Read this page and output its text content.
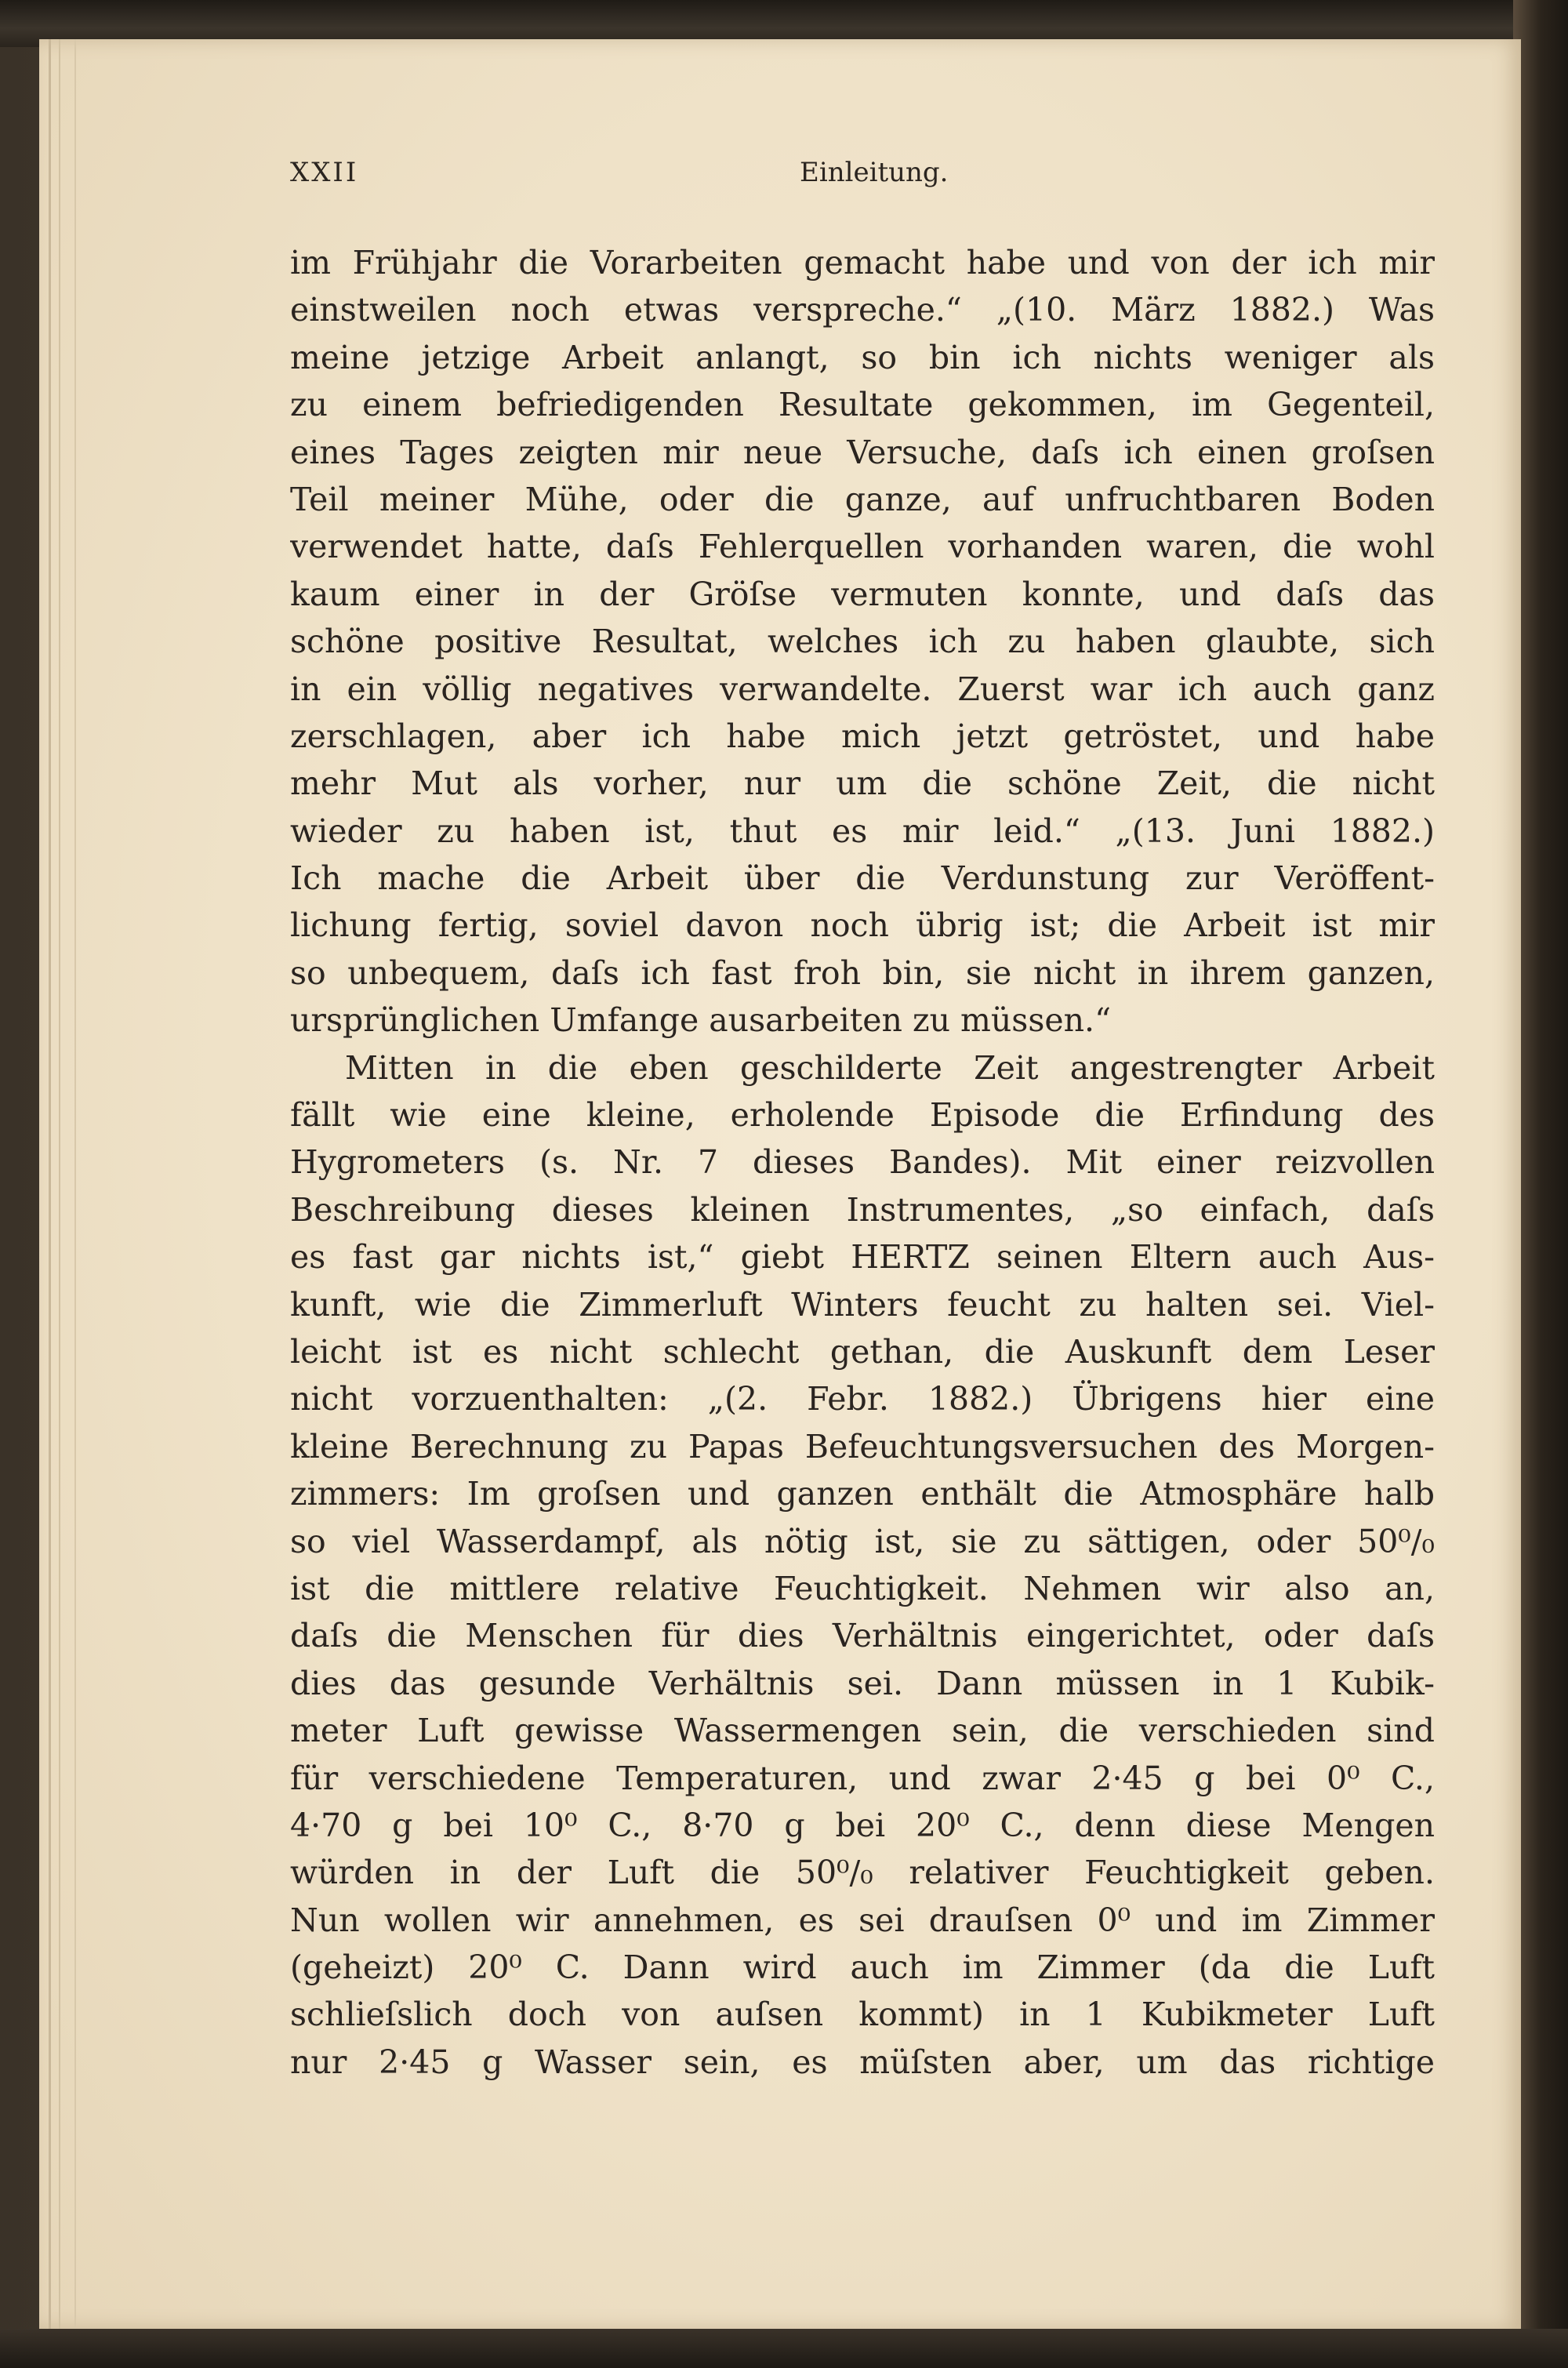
XXII	Einleitung.
im Frühjahr die Vorarbeiten gemacht habe und von der ich mir
einstweilen noch etwas verspreche.“ „(10. März 1882.) Was
meine jetzige Arbeit anlangt, so bin ich nichts weniger als
zu einem befriedigenden Resultate gekommen, im Gegenteil,
eines Tages zeigten mir neue Versuche, daſs ich einen groſsen
Teil meiner Mühe, oder die ganze, auf unfruchtbaren Boden
verwendet hatte, daſs Fehlerquellen vorhanden waren, die wohl
kaum einer in der Gröſse vermuten konnte, und daſs das
schöne positive Resultat, welches ich zu haben glaubte, sich
in ein völlig negatives verwandelte. Zuerst war ich auch ganz
zerschlagen, aber ich habe mich jetzt getröstet, und habe
mehr Mut als vorher, nur um die schöne Zeit, die nicht
wieder zu haben ist, thut es mir leid.“ „(13. Juni 1882.)
Ich mache die Arbeit über die Verdunstung zur Veröffent-
lichung fertig, soviel davon noch übrig ist; die Arbeit ist mir
so unbequem, daſs ich fast froh bin, sie nicht in ihrem ganzen,
ursprünglichen Umfange ausarbeiten zu müssen.“
Mitten in die eben geschilderte Zeit angestrengter Arbeit
fällt wie eine kleine, erholende Episode die Erfindung des
Hygrometers (s. Nr. 7 dieses Bandes). Mit einer reizvollen
Beschreibung dieses kleinen Instrumentes, „so einfach, daſs
es fast gar nichts ist,“ giebt HERTZ seinen Eltern auch Aus-
kunft, wie die Zimmerluft Winters feucht zu halten sei. Viel-
leicht ist es nicht schlecht gethan, die Auskunft dem Leser
nicht vorzuenthalten: „(2. Febr. 1882.) Übrigens hier eine
kleine Berechnung zu Papas Befeuchtungsversuchen des Morgen-
zimmers: Im groſsen und ganzen enthält die Atmosphäre halb
so viel Wasserdampf, als nötig ist, sie zu sättigen, oder 50⁰/₀
ist die mittlere relative Feuchtigkeit. Nehmen wir also an,
daſs die Menschen für dies Verhältnis eingerichtet, oder daſs
dies das gesunde Verhältnis sei. Dann müssen in 1 Kubik-
meter Luft gewisse Wassermengen sein, die verschieden sind
für verschiedene Temperaturen, und zwar 2·45 g bei 0⁰ C.,
4·70 g bei 10⁰ C., 8·70 g bei 20⁰ C., denn diese Mengen
würden in der Luft die 50⁰/₀ relativer Feuchtigkeit geben.
Nun wollen wir annehmen, es sei drauſsen 0⁰ und im Zimmer
(geheizt) 20⁰ C. Dann wird auch im Zimmer (da die Luft
schlieſslich doch von auſsen kommt) in 1 Kubikmeter Luft
nur 2·45 g Wasser sein, es müſsten aber, um das richtige
